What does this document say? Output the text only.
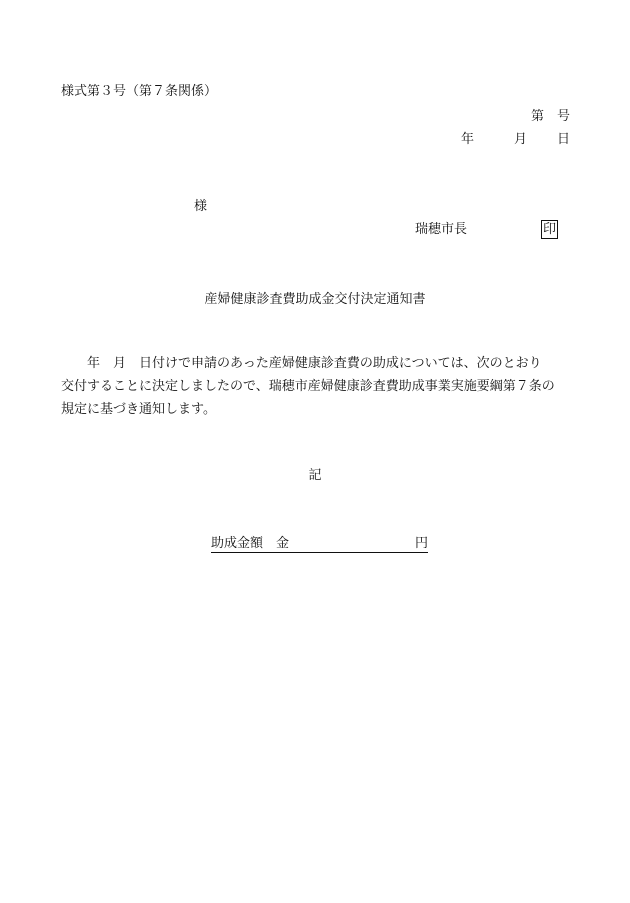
様式第３号（第７条関係）
第　号
年	月 日
様
瑞穂市長	印
産婦健康診査費助成金交付決定通知書
　　年　月　日付けで申請のあった産婦健康診査費の助成については、次のとおり
交付することに決定しましたので、瑞穂市産婦健康診査費助成事業実施要綱第７条の
規定に基づき通知します。
記
助成金額　金	円
